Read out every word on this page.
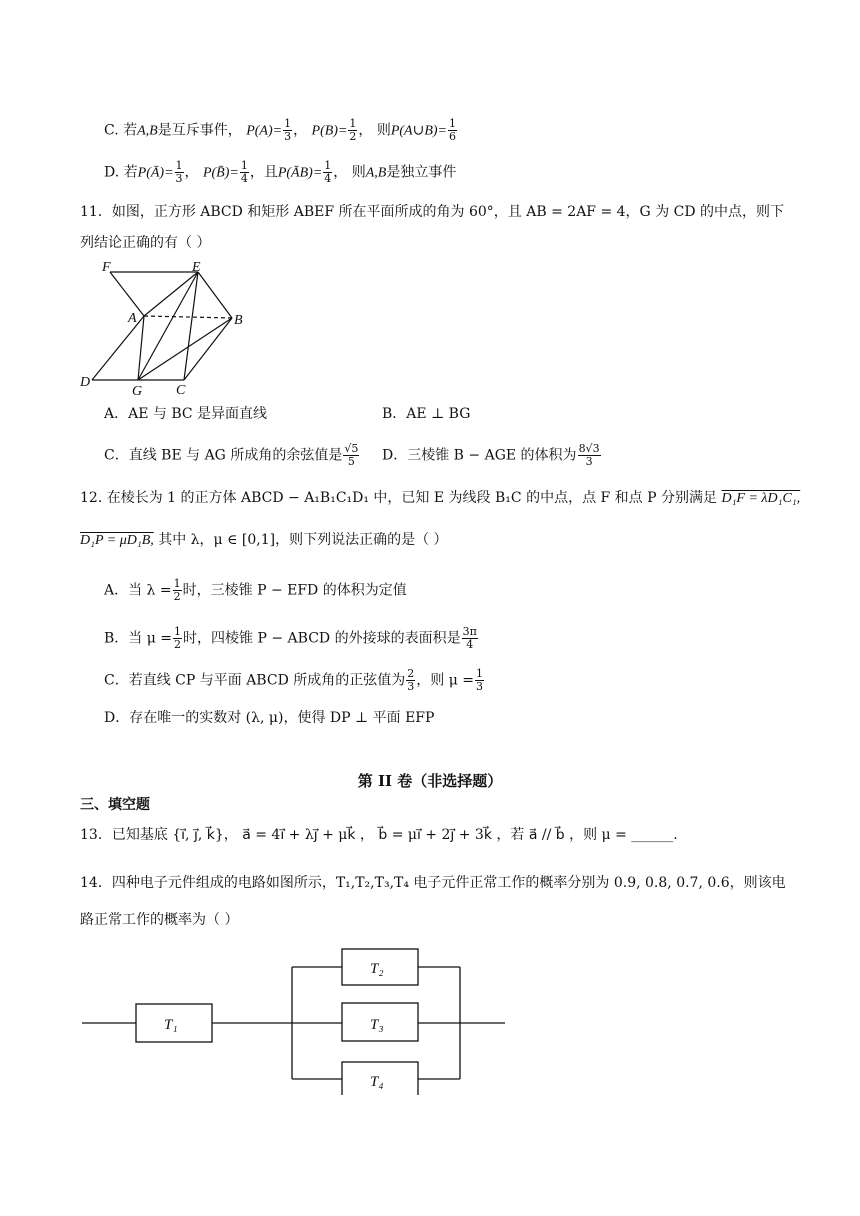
C. 若A,B是互斥事件， $P(A)= \frac{1}{3}$ ， $P(B)= \frac{1}{2}$ ， 则P(A∪B)= $\frac{1}{6}$
D. 若P(Ā)= $\frac{1}{3}$ ， P(B̄)= $\frac{1}{4}$ ，且P(ĀB)= $\frac{1}{4}$ ， 则A,B是独立事件
11．如图，正方形 ABCD 和矩形 ABEF 所在平面所成的角为 60°，且 AB = 2AF = 4，G 为 CD 的中点，则下
列结论正确的有（ ）
F	E
A	B
D
G C
A．AE 与 BC 是异面直线	B．AE ⊥ BG
C．直线 BE 与 AG 所成角的余弦值是 $\frac{√5}{5}$ D．三棱锥 B − AGE 的体积为 $\frac{8√3}{3}$
12. 在棱长为 1 的正方体 ABCD − A₁B₁C₁D₁ 中，已知 E 为线段 B₁C 的中点，点 F 和点 P 分别满足 D₁F = λD₁C₁,
D₁P = μD₁B, 其中 λ，μ ∈ [0,1]，则下列说法正确的是（ ）
A．当 $\lambda = \frac{1}{2}$ 时，三棱锥 P − EFD 的体积为定值
B．当 $\mu = \frac{1}{2}$ 时，四棱锥 P − ABCD 的外接球的表面积是 $\frac{3\pi}{4}$
C．若直线 CP 与平面 ABCD 所成角的正弦值为 $\frac{2}{3}$ ，则 $\mu = \frac{1}{3}$
D．存在唯一的实数对 (λ, μ)，使得 DP ⊥ 平面 EFP
第 II 卷（非选择题）
三、填空题
13．已知基底 {i⃗, j⃗, k⃗}， a⃗ = 4i⃗ + λj⃗ + μk⃗ ， b⃗ = μi⃗ + 2j⃗ + 3k⃗ ，若 a⃗ // b⃗ ，则 μ = ______.
14．四种电子元件组成的电路如图所示，T₁,T₂,T₃,T₄ 电子元件正常工作的概率分别为 0.9, 0.8, 0.7, 0.6，则该电
路正常工作的概率为（ ）
T₁
T₂
T₃
T₄
